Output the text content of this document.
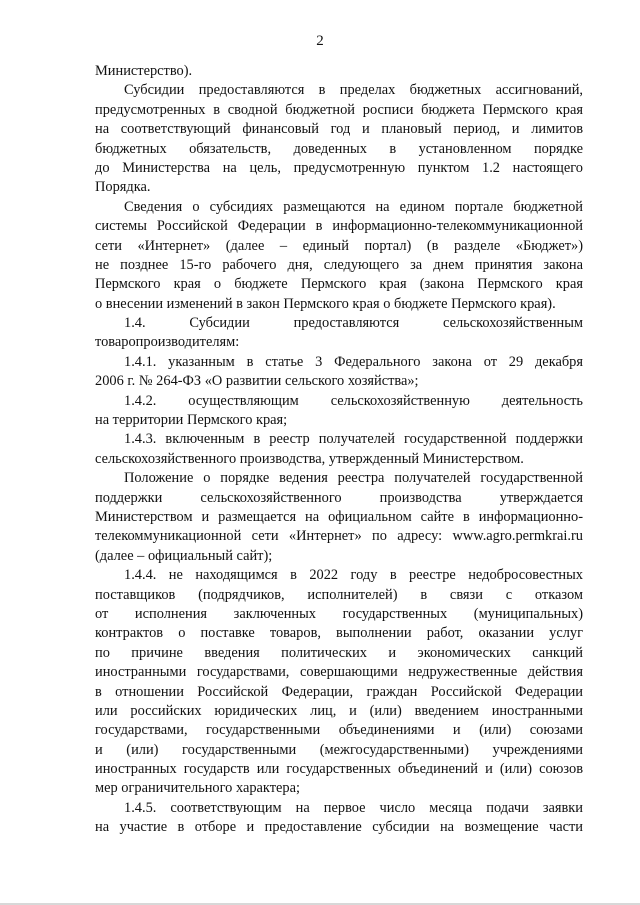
2

Министерство).

Субсидии предоставляются в пределах бюджетных ассигнований,
предусмотренных в сводной бюджетной росписи бюджета Пермского края
на соответствующий финансовый год и плановый период, и лимитов
бюджетных обязательств, доведенных в установленном порядке
до Министерства на цель, предусмотренную пунктом 1.2 настоящего
Порядка.

Сведения о субсидиях размещаются на едином портале бюджетной
системы Российской Федерации в информационно-телекоммуникационной
сети «Интернет» (далее – единый портал) (в разделе «Бюджет»)
не позднее 15-го рабочего дня, следующего за днем принятия закона
Пермского края о бюджете Пермского края (закона Пермского края
о внесении изменений в закон Пермского края о бюджете Пермского края).

1.4. Субсидии предоставляются сельскохозяйственным
товаропроизводителям:

1.4.1. указанным в статье 3 Федерального закона от 29 декабря
2006 г. № 264-ФЗ «О развитии сельского хозяйства»;

1.4.2. осуществляющим сельскохозяйственную деятельность
на территории Пермского края;

1.4.3. включенным в реестр получателей государственной поддержки
сельскохозяйственного производства, утвержденный Министерством.

Положение о порядке ведения реестра получателей государственной
поддержки сельскохозяйственного производства утверждается
Министерством и размещается на официальном сайте в информационно-
телекоммуникационной сети «Интернет» по адресу: www.agro.permkrai.ru
(далее – официальный сайт);

1.4.4. не находящимся в 2022 году в реестре недобросовестных
поставщиков (подрядчиков, исполнителей) в связи с отказом
от исполнения заключенных государственных (муниципальных)
контрактов о поставке товаров, выполнении работ, оказании услуг
по причине введения политических и экономических санкций
иностранными государствами, совершающими недружественные действия
в отношении Российской Федерации, граждан Российской Федерации
или российских юридических лиц, и (или) введением иностранными
государствами, государственными объединениями и (или) союзами
и (или) государственными (межгосударственными) учреждениями
иностранных государств или государственных объединений и (или) союзов
мер ограничительного характера;

1.4.5. соответствующим на первое число месяца подачи заявки
на участие в отборе и предоставление субсидии на возмещение части
